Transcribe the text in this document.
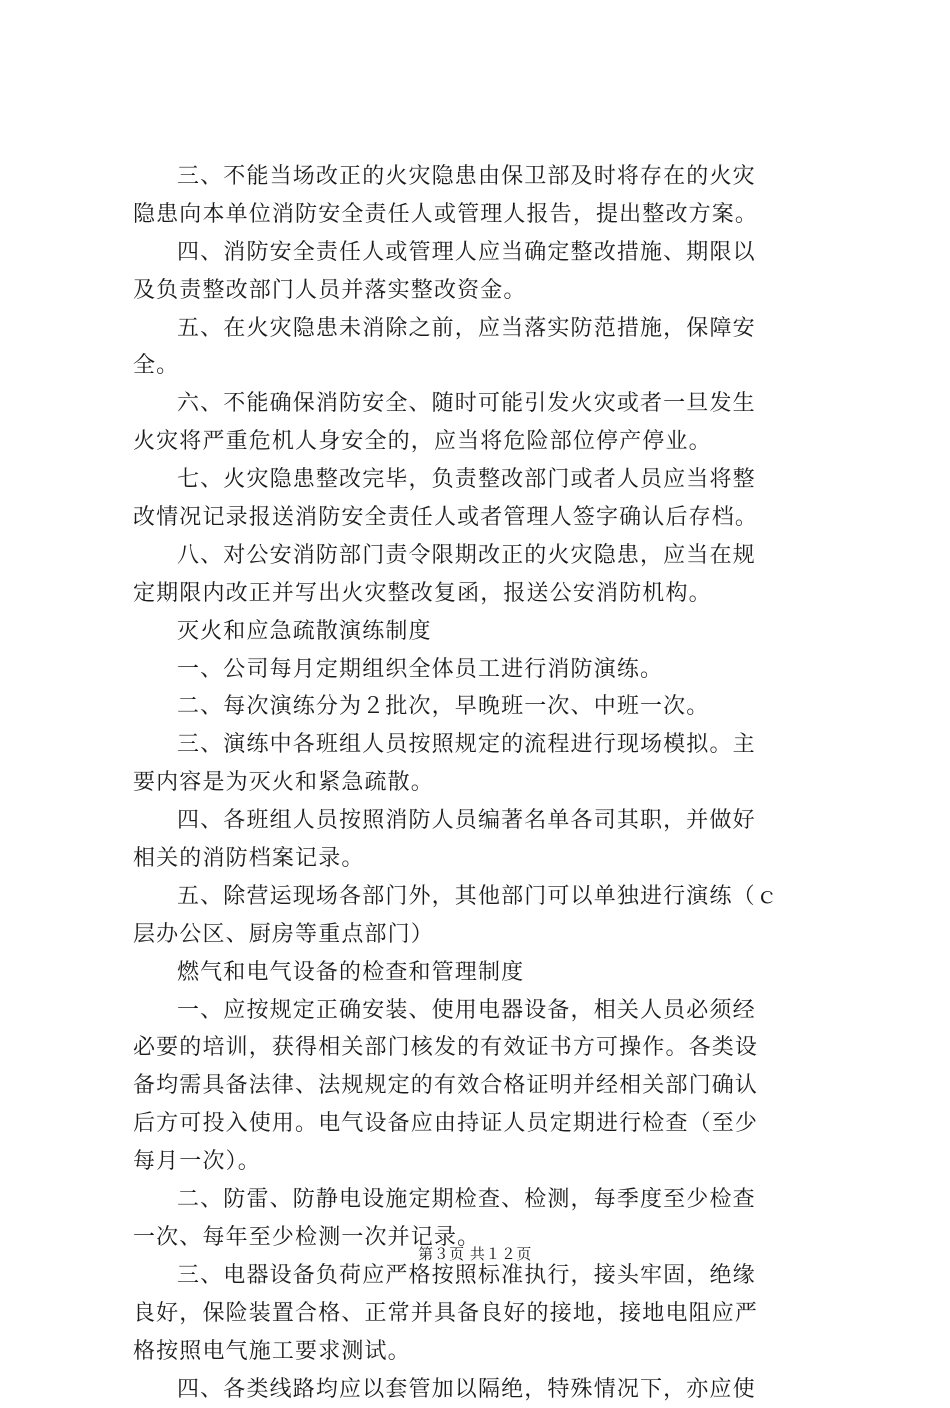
三、不能当场改正的火灾隐患由保卫部及时将存在的火灾
隐患向本单位消防安全责任人或管理人报告，提出整改方案。
四、消防安全责任人或管理人应当确定整改措施、期限以
及负责整改部门人员并落实整改资金。
五、在火灾隐患未消除之前，应当落实防范措施，保障安
全。
六、不能确保消防安全、随时可能引发火灾或者一旦发生
火灾将严重危机人身安全的，应当将危险部位停产停业。
七、火灾隐患整改完毕，负责整改部门或者人员应当将整
改情况记录报送消防安全责任人或者管理人签字确认后存档。
八、对公安消防部门责令限期改正的火灾隐患，应当在规
定期限内改正并写出火灾整改复函，报送公安消防机构。
灭火和应急疏散演练制度
一、公司每月定期组织全体员工进行消防演练。
二、每次演练分为２批次，早晚班一次、中班一次。
三、演练中各班组人员按照规定的流程进行现场模拟。主
要内容是为灭火和紧急疏散。
四、各班组人员按照消防人员编著名单各司其职，并做好
相关的消防档案记录。
五、除营运现场各部门外，其他部门可以单独进行演练（ｃ
层办公区、厨房等重点部门）
燃气和电气设备的检查和管理制度
一、应按规定正确安装、使用电器设备，相关人员必须经
必要的培训，获得相关部门核发的有效证书方可操作。各类设
备均需具备法律、法规规定的有效合格证明并经相关部门确认
后方可投入使用。电气设备应由持证人员定期进行检查（至少
每月一次）。
二、防雷、防静电设施定期检查、检测，每季度至少检查
一次、每年至少检测一次并记录。
三、电器设备负荷应严格按照标准执行，接头牢固，绝缘
良好，保险装置合格、正常并具备良好的接地，接地电阻应严
格按照电气施工要求测试。
四、各类线路均应以套管加以隔绝，特殊情况下，亦应使
第３页 共１２页
